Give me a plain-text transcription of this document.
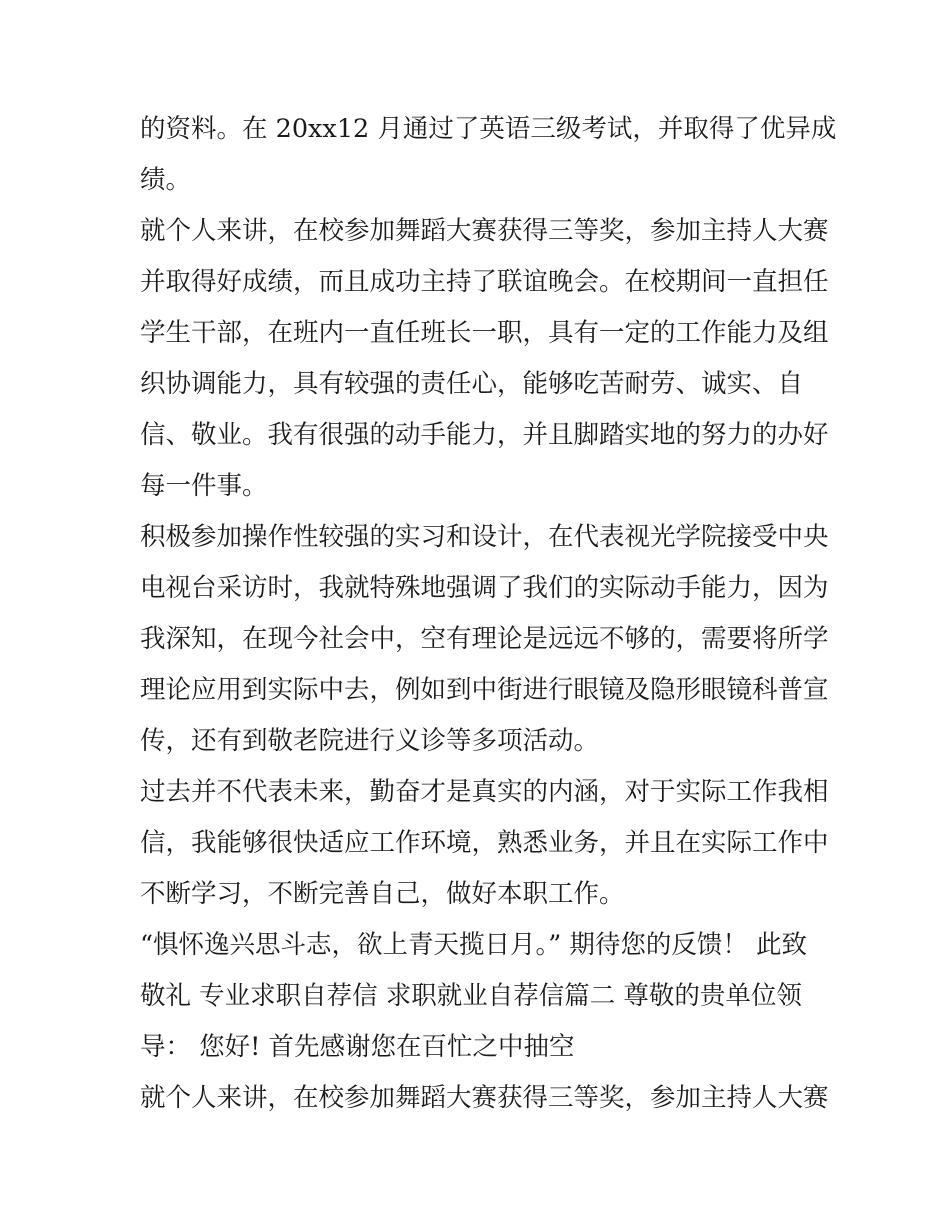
的资料。在 20xx12 月通过了英语三级考试，并取得了优异成
绩。
就个人来讲，在校参加舞蹈大赛获得三等奖，参加主持人大赛
并取得好成绩，而且成功主持了联谊晚会。在校期间一直担任
学生干部，在班内一直任班长一职，具有一定的工作能力及组
织协调能力，具有较强的责任心，能够吃苦耐劳、诚实、自
信、敬业。我有很强的动手能力，并且脚踏实地的努力的办好
每一件事。
积极参加操作性较强的实习和设计，在代表视光学院接受中央
电视台采访时，我就特殊地强调了我们的实际动手能力，因为
我深知，在现今社会中，空有理论是远远不够的，需要将所学
理论应用到实际中去，例如到中街进行眼镜及隐形眼镜科普宣
传，还有到敬老院进行义诊等多项活动。
过去并不代表未来，勤奋才是真实的内涵，对于实际工作我相
信，我能够很快适应工作环境，熟悉业务，并且在实际工作中
不断学习，不断完善自己，做好本职工作。
“惧怀逸兴思斗志，欲上青天揽日月。” 期待您的反馈！ 此致
敬礼 专业求职自荐信 求职就业自荐信篇二 尊敬的贵单位领
导： 您好! 首先感谢您在百忙之中抽空
就个人来讲，在校参加舞蹈大赛获得三等奖，参加主持人大赛
